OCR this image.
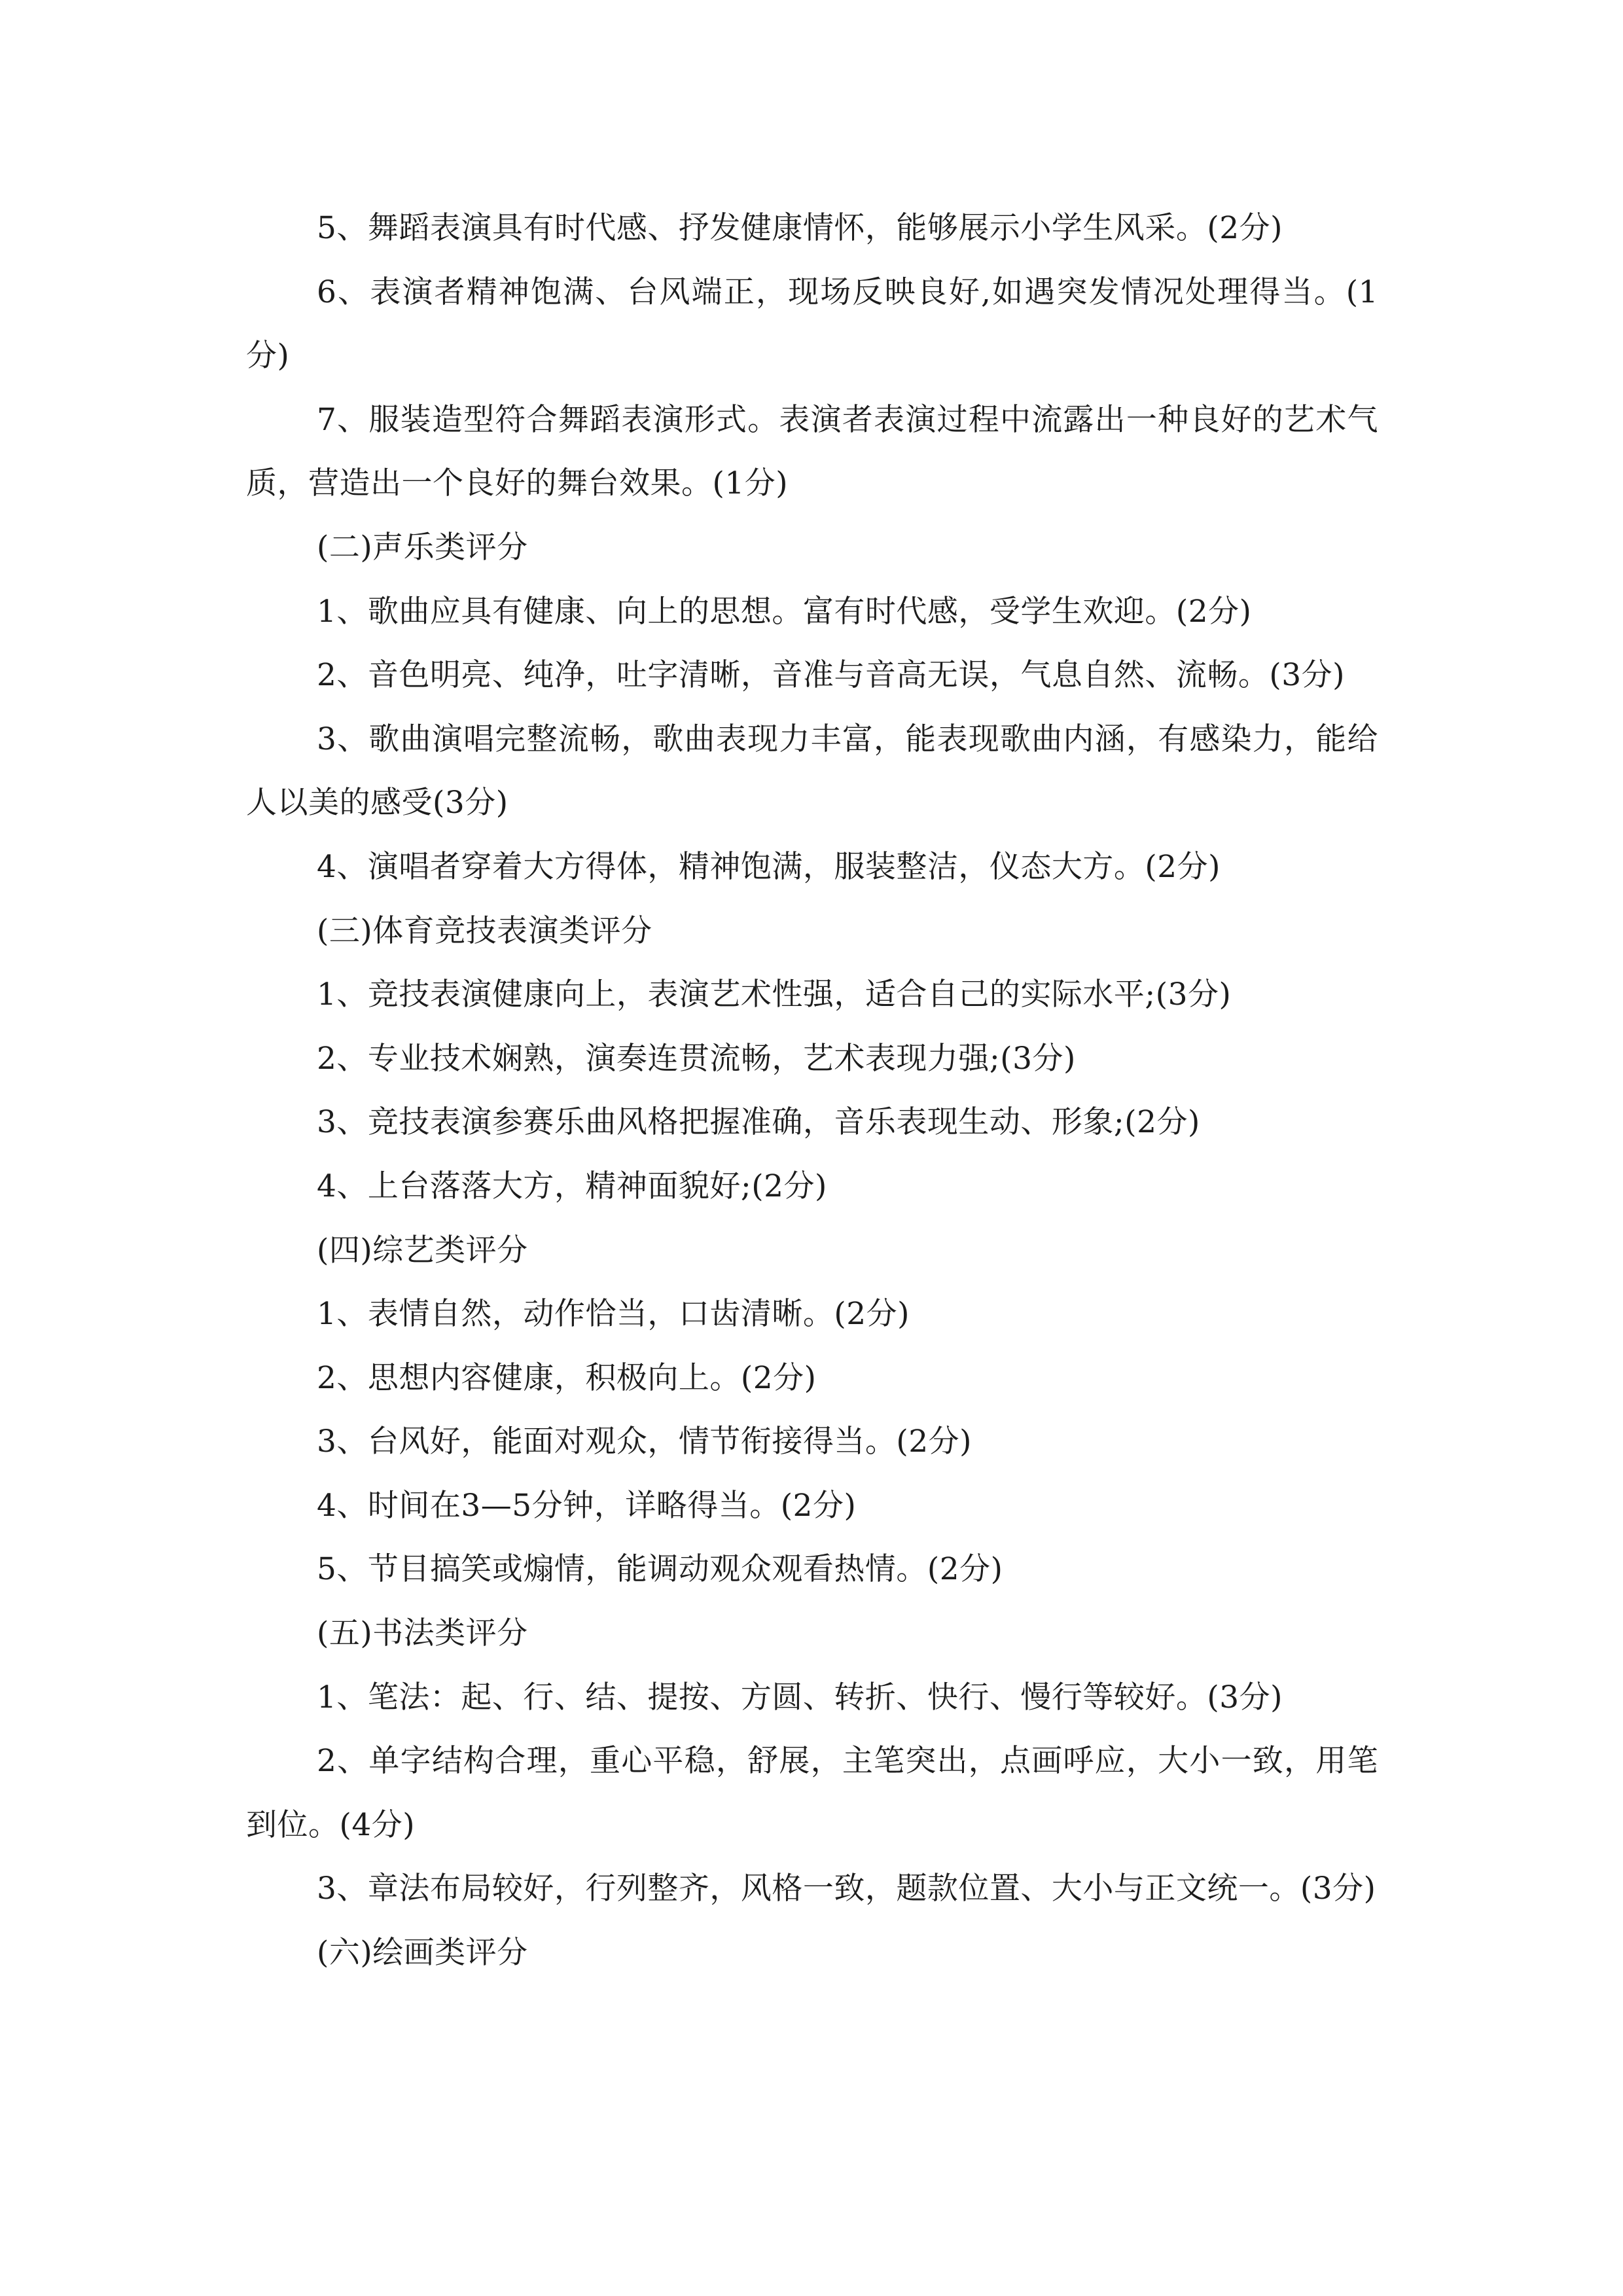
5、舞蹈表演具有时代感、抒发健康情怀，能够展示小学生风采。(2分)

6、表演者精神饱满、台风端正，现场反映良好,如遇突发情况处理得当。(1分)

7、服装造型符合舞蹈表演形式。表演者表演过程中流露出一种良好的艺术气质，营造出一个良好的舞台效果。(1分)

(二)声乐类评分

1、歌曲应具有健康、向上的思想。富有时代感，受学生欢迎。(2分)

2、音色明亮、纯净，吐字清晰，音准与音高无误，气息自然、流畅。(3分)

3、歌曲演唱完整流畅，歌曲表现力丰富，能表现歌曲内涵，有感染力，能给人以美的感受(3分)

4、演唱者穿着大方得体，精神饱满，服装整洁，仪态大方。(2分)

(三)体育竞技表演类评分

1、竞技表演健康向上，表演艺术性强，适合自己的实际水平;(3分)

2、专业技术娴熟，演奏连贯流畅，艺术表现力强;(3分)

3、竞技表演参赛乐曲风格把握准确，音乐表现生动、形象;(2分)

4、上台落落大方，精神面貌好;(2分)

(四)综艺类评分

1、表情自然，动作恰当，口齿清晰。(2分)

2、思想内容健康，积极向上。(2分)

3、台风好，能面对观众，情节衔接得当。(2分)

4、时间在3—5分钟，详略得当。(2分)

5、节目搞笑或煽情，能调动观众观看热情。(2分)

(五)书法类评分

1、笔法：起、行、结、提按、方圆、转折、快行、慢行等较好。(3分)

2、单字结构合理，重心平稳，舒展，主笔突出，点画呼应，大小一致，用笔到位。(4分)

3、章法布局较好，行列整齐，风格一致，题款位置、大小与正文统一。(3分)

(六)绘画类评分
